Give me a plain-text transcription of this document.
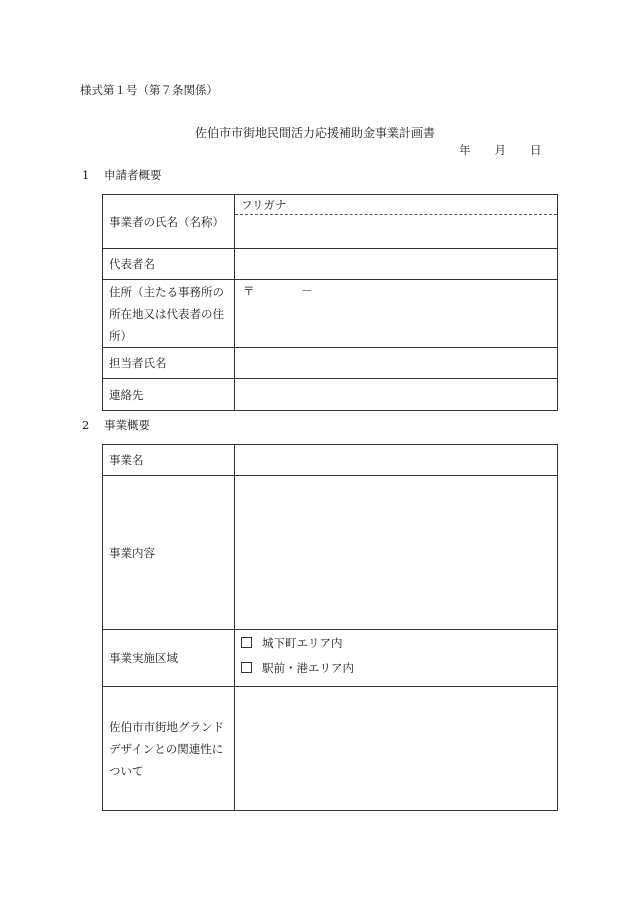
様式第１号（第７条関係）
佐伯市市街地民間活力応援補助金事業計画書
年 月 日
1 申請者概要
事業者の氏名（名称）	フリガナ

代表者名	
住所（主たる事務所の所在地又は代表者の住所）	〒 －

担当者氏名	
連絡先	
2 事業概要
事業名	
事業内容	
事業実施区域	城下町エリア内
駅前・港エリア内

佐伯市市街地グランドデザインとの関連性について	
